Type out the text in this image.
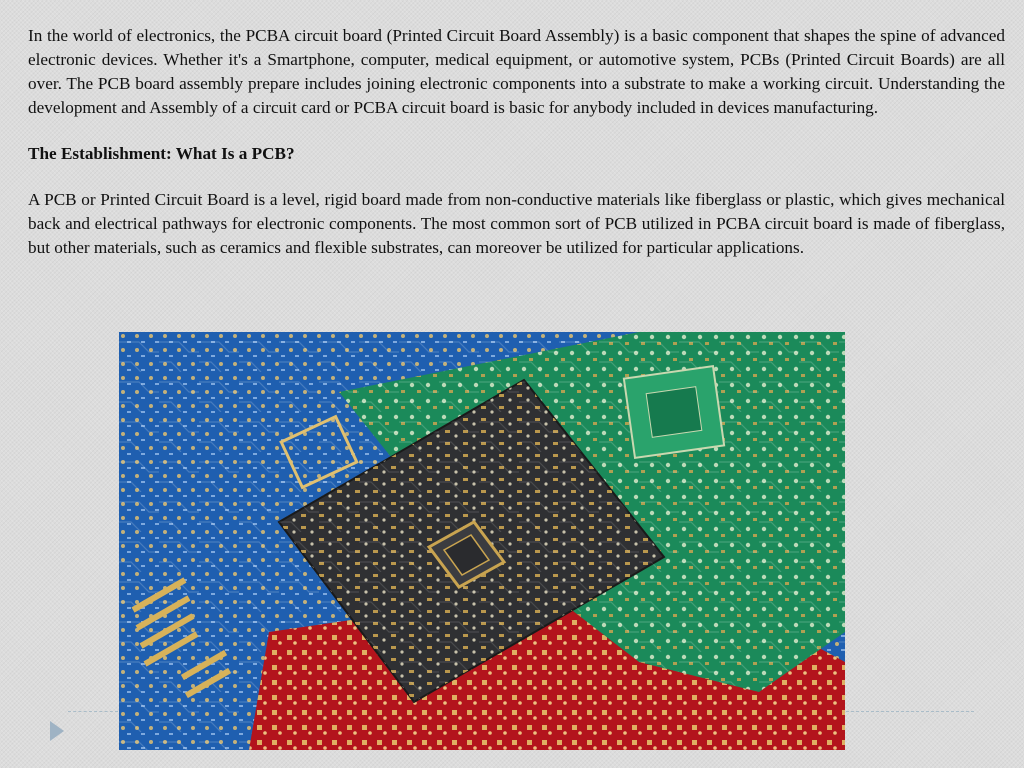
In the world of electronics, the PCBA circuit board (Printed Circuit Board Assembly) is a basic component that shapes the spine of advanced electronic devices. Whether it's a Smartphone, computer, medical equipment, or automotive system, PCBs (Printed Circuit Boards) are all over. The PCB board assembly prepare includes joining electronic components into a substrate to make a working circuit. Understanding the development and Assembly of a circuit card or PCBA circuit board is basic for anybody included in devices manufacturing.

The Establishment: What Is a PCB?

A PCB or Printed Circuit Board is a level, rigid board made from non-conductive materials like fiberglass or plastic, which gives mechanical back and electrical pathways for electronic components. The most common sort of PCB utilized in PCBA circuit board is made of fiberglass, but other materials, such as ceramics and flexible substrates, can moreover be utilized for particular applications.
